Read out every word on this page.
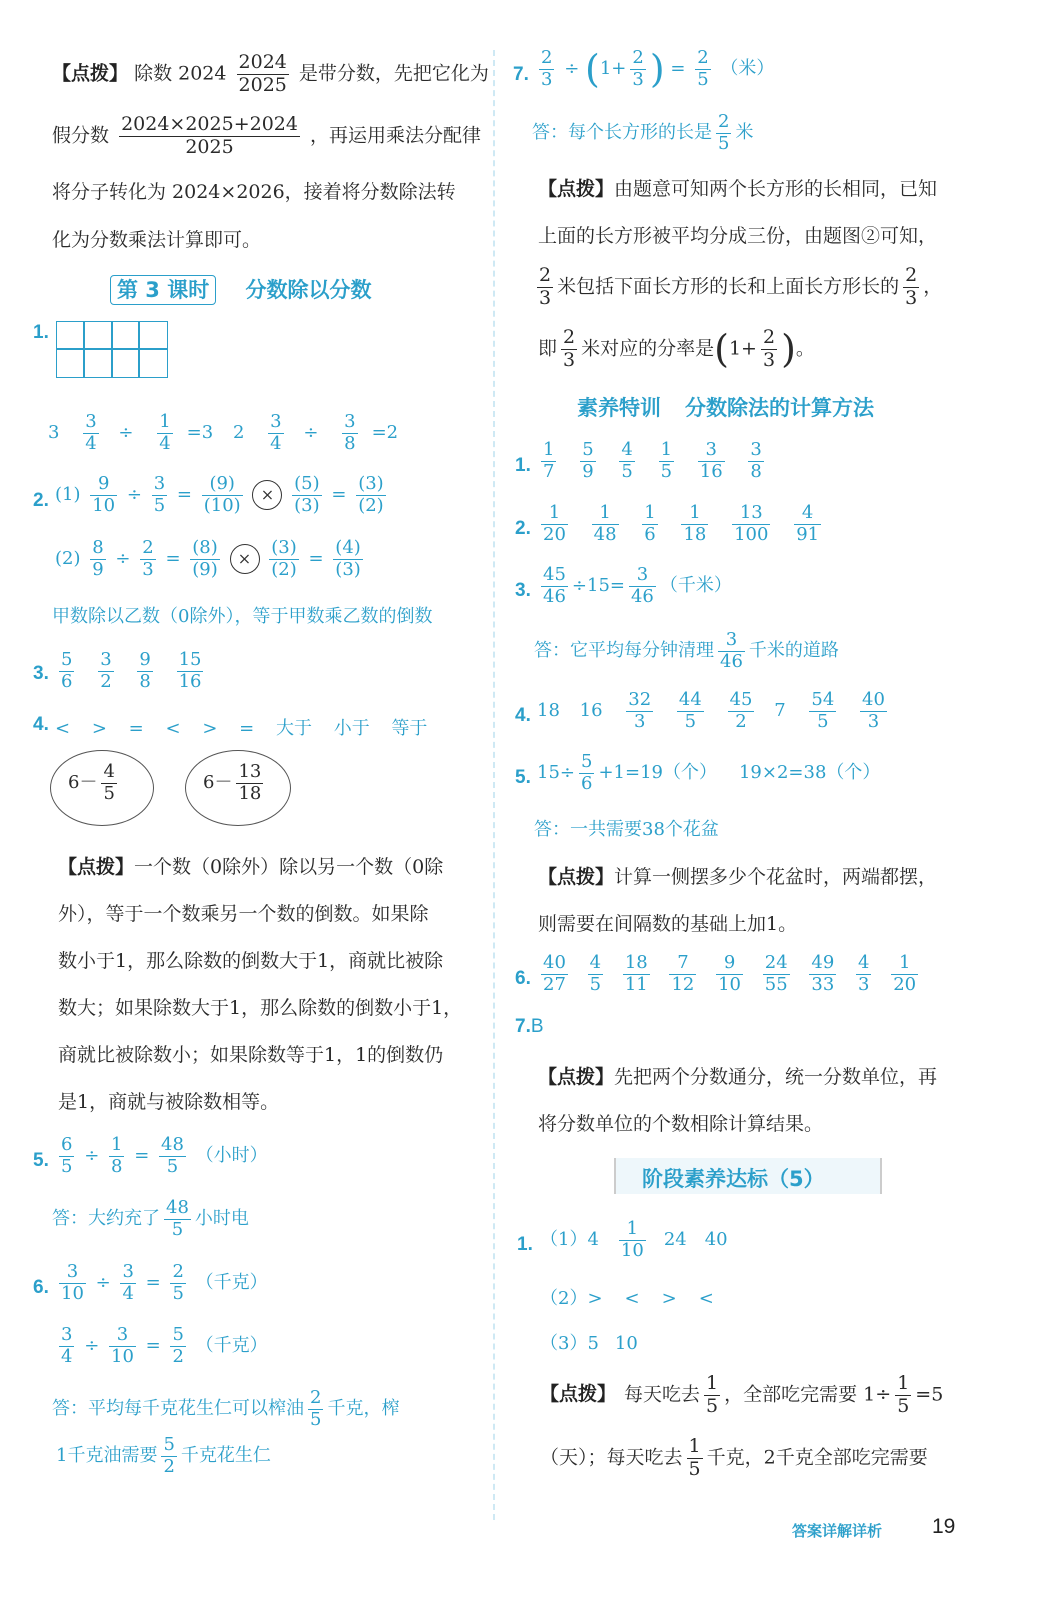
【点拨】 除数 $2024 \frac{2024}{2025}$ 是带分数，先把它化为
假分数 $\frac{2024\times 2025+2024}{2025}$ ，再运用乘法分配律
将分子转化为 2024×2026，接着将分数除法转
化为分数乘法计算即可。
第 3 课时 分数除以分数
1.
$3 \frac{3}{4} \div \frac{1}{4} =3$ $2 \frac{3}{4} \div \frac{3}{8} =2$
2. $(1) \frac{9}{10} \div \frac{3}{5} = \frac{(9)}{(10)} \times \frac{(5)}{(3)} = \frac{(3)}{(2)}$
$(2) \frac{8}{9} \div \frac{2}{3} = \frac{(8)}{(9)} \times \frac{(3)}{(2)} = \frac{(4)}{(3)}$
甲数除以乙数（0除外），等于甲数乘乙数的倒数
3. $\frac{5}{6}$
$\frac{3}{2}$
$\frac{9}{8}$
$\frac{15}{16}$
4. < > = < > = 大于 小于 等于
$6- \frac{4}{5}$	$6- \frac{13}{18}$
【点拨】一个数（0除外）除以另一个数（0除
外），等于一个数乘另一个数的倒数。如果除
数小于1，那么除数的倒数大于1，商就比被除
数大；如果除数大于1，那么除数的倒数小于1，
商就比被除数小；如果除数等于1，1的倒数仍
是1，商就与被除数相等。
5. $\frac{6}{5} \div \frac{1}{8} = \frac{48}{5}$ （小时）
答：大约充了 $\frac{48}{5}$ 小时电
6. $\frac{3}{10} \div \frac{3}{4} = \frac{2}{5}$ （千克）
$\frac{3}{4} \div \frac{3}{10} = \frac{5}{2}$ （千克）
答：平均每千克花生仁可以榨油 $\frac{2}{5}$ 千克，榨
1千克油需要 $\frac{5}{2}$ 千克花生仁
7. $\frac{2}{3} \div (1+ \frac{2}{3}$ ) = $\frac{2}{5}$ （米）
答：每个长方形的长是 $\frac{2}{5}$ 米
【点拨】由题意可知两个长方形的长相同，已知
上面的长方形被平均分成三份，由题图②可知，
$\frac{2}{3}$ 米包括下面长方形的长和上面长方形长的 $\frac{2}{3}$ ，
即 $\frac{2}{3}$ 米对应的分率是($1+ \frac{2}{3}$ )。
素养特训 分数除法的计算方法
1. $\frac{1}{7}$
$\frac{5}{9}$
$\frac{4}{5}$
$\frac{1}{5}$
$\frac{3}{16}$
$\frac{3}{8}$
2. $\frac{1}{20}$
$\frac{1}{48}$
$\frac{1}{6}$
$\frac{1}{18}$
$\frac{13}{100}$
$\frac{4}{91}$
3. $\frac{45}{46} \div 15= \frac{3}{46}$ （千米）
答：它平均每分钟清理 $\frac{3}{46}$ 千米的道路
4. 18 $16 \frac{32}{3}$
$\frac{44}{5}$
$\frac{45}{2} 7 \frac{54}{5}$
$\frac{40}{3}$
5. $15\div \frac{5}{6} +1=19$（个） 19×2=38（个）
答：一共需要38个花盆
【点拨】计算一侧摆多少个花盆时，两端都摆，
则需要在间隔数的基础上加1。
6. $\frac{40}{27}$
$\frac{4}{5}$
$\frac{18}{11}$
$\frac{7}{12}$
$\frac{9}{10}$
$\frac{24}{55}$
$\frac{49}{33}$
$\frac{4}{3}$
$\frac{1}{20}$
7.B
【点拨】先把两个分数通分，统一分数单位，再
将分数单位的个数相除计算结果。
阶段素养达标（5）
1. $(1)4 \frac{1}{10} 24$ 40
（2）> < > <
（3）5 10
【点拨】 每天吃去 $\frac{1}{5}$ ，全部吃完需要 $1\div \frac{1}{5} =5$
（天）；每天吃去 $\frac{1}{5}$ 千克，2千克全部吃完需要
答案详解详析 19
